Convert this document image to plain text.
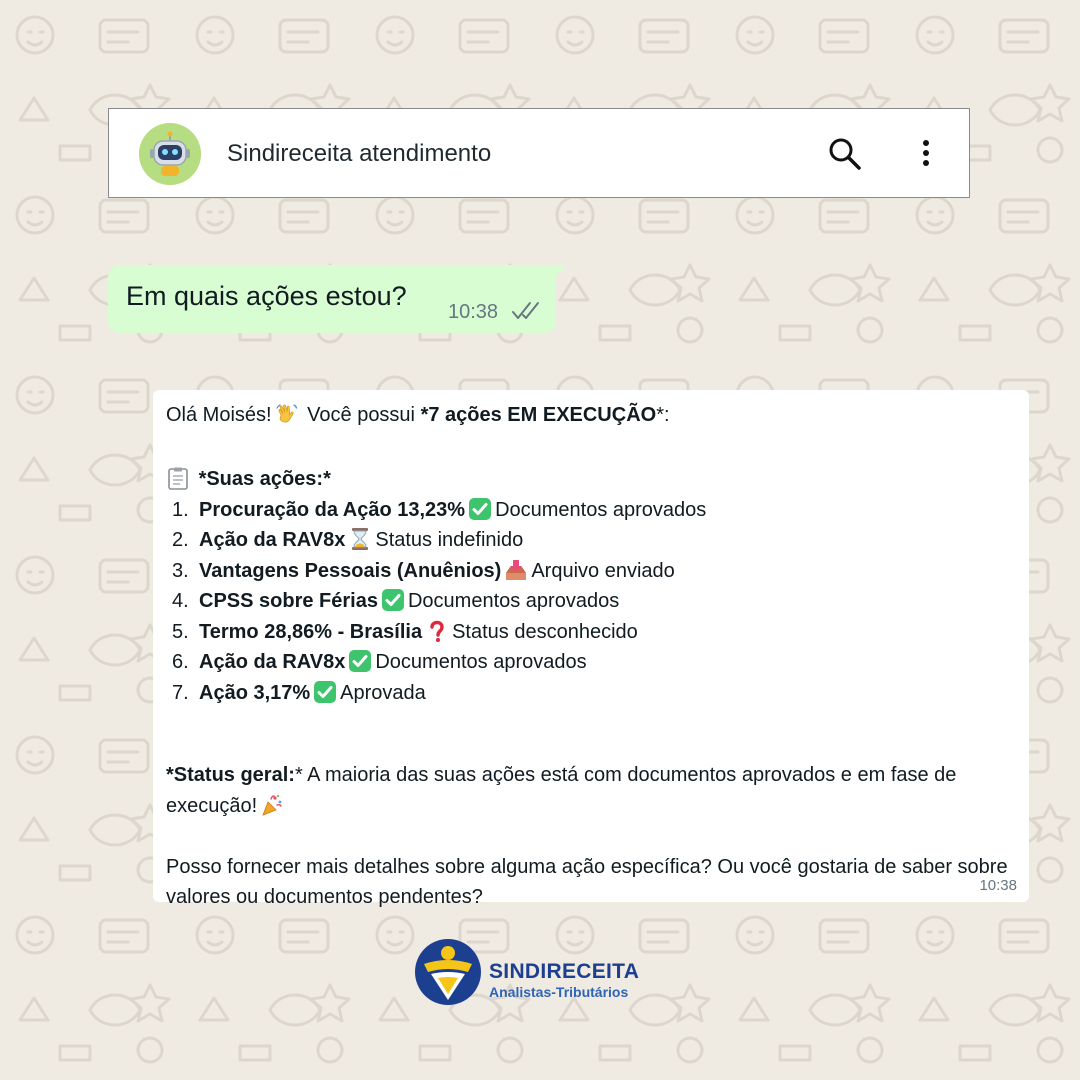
Sindireceita atendimento
Em quais ações estou?
10:38

Olá Moisés!
Você possui *7 ações EM EXECUÇÃO*:

*Suas ações:*

1. Procuração da Ação 13,23% Documentos aprovados
2. Ação da RAV8x Status indefinido
3. Vantagens Pessoais (Anuênios) Arquivo enviado
4. CPSS sobre Férias Documentos aprovados
5. Termo 28,86% - Brasília Status desconhecido
6. Ação da RAV8x Documentos aprovados
7. Ação 3,17% Aprovada

*Status geral:* A maioria das suas ações está com documentos aprovados e em fase de execução!

Posso fornecer mais detalhes sobre alguma ação específica? Ou você gostaria de saber sobre valores ou documentos pendentes?

10:38
SINDIRECEITA
Analistas-Tributários
